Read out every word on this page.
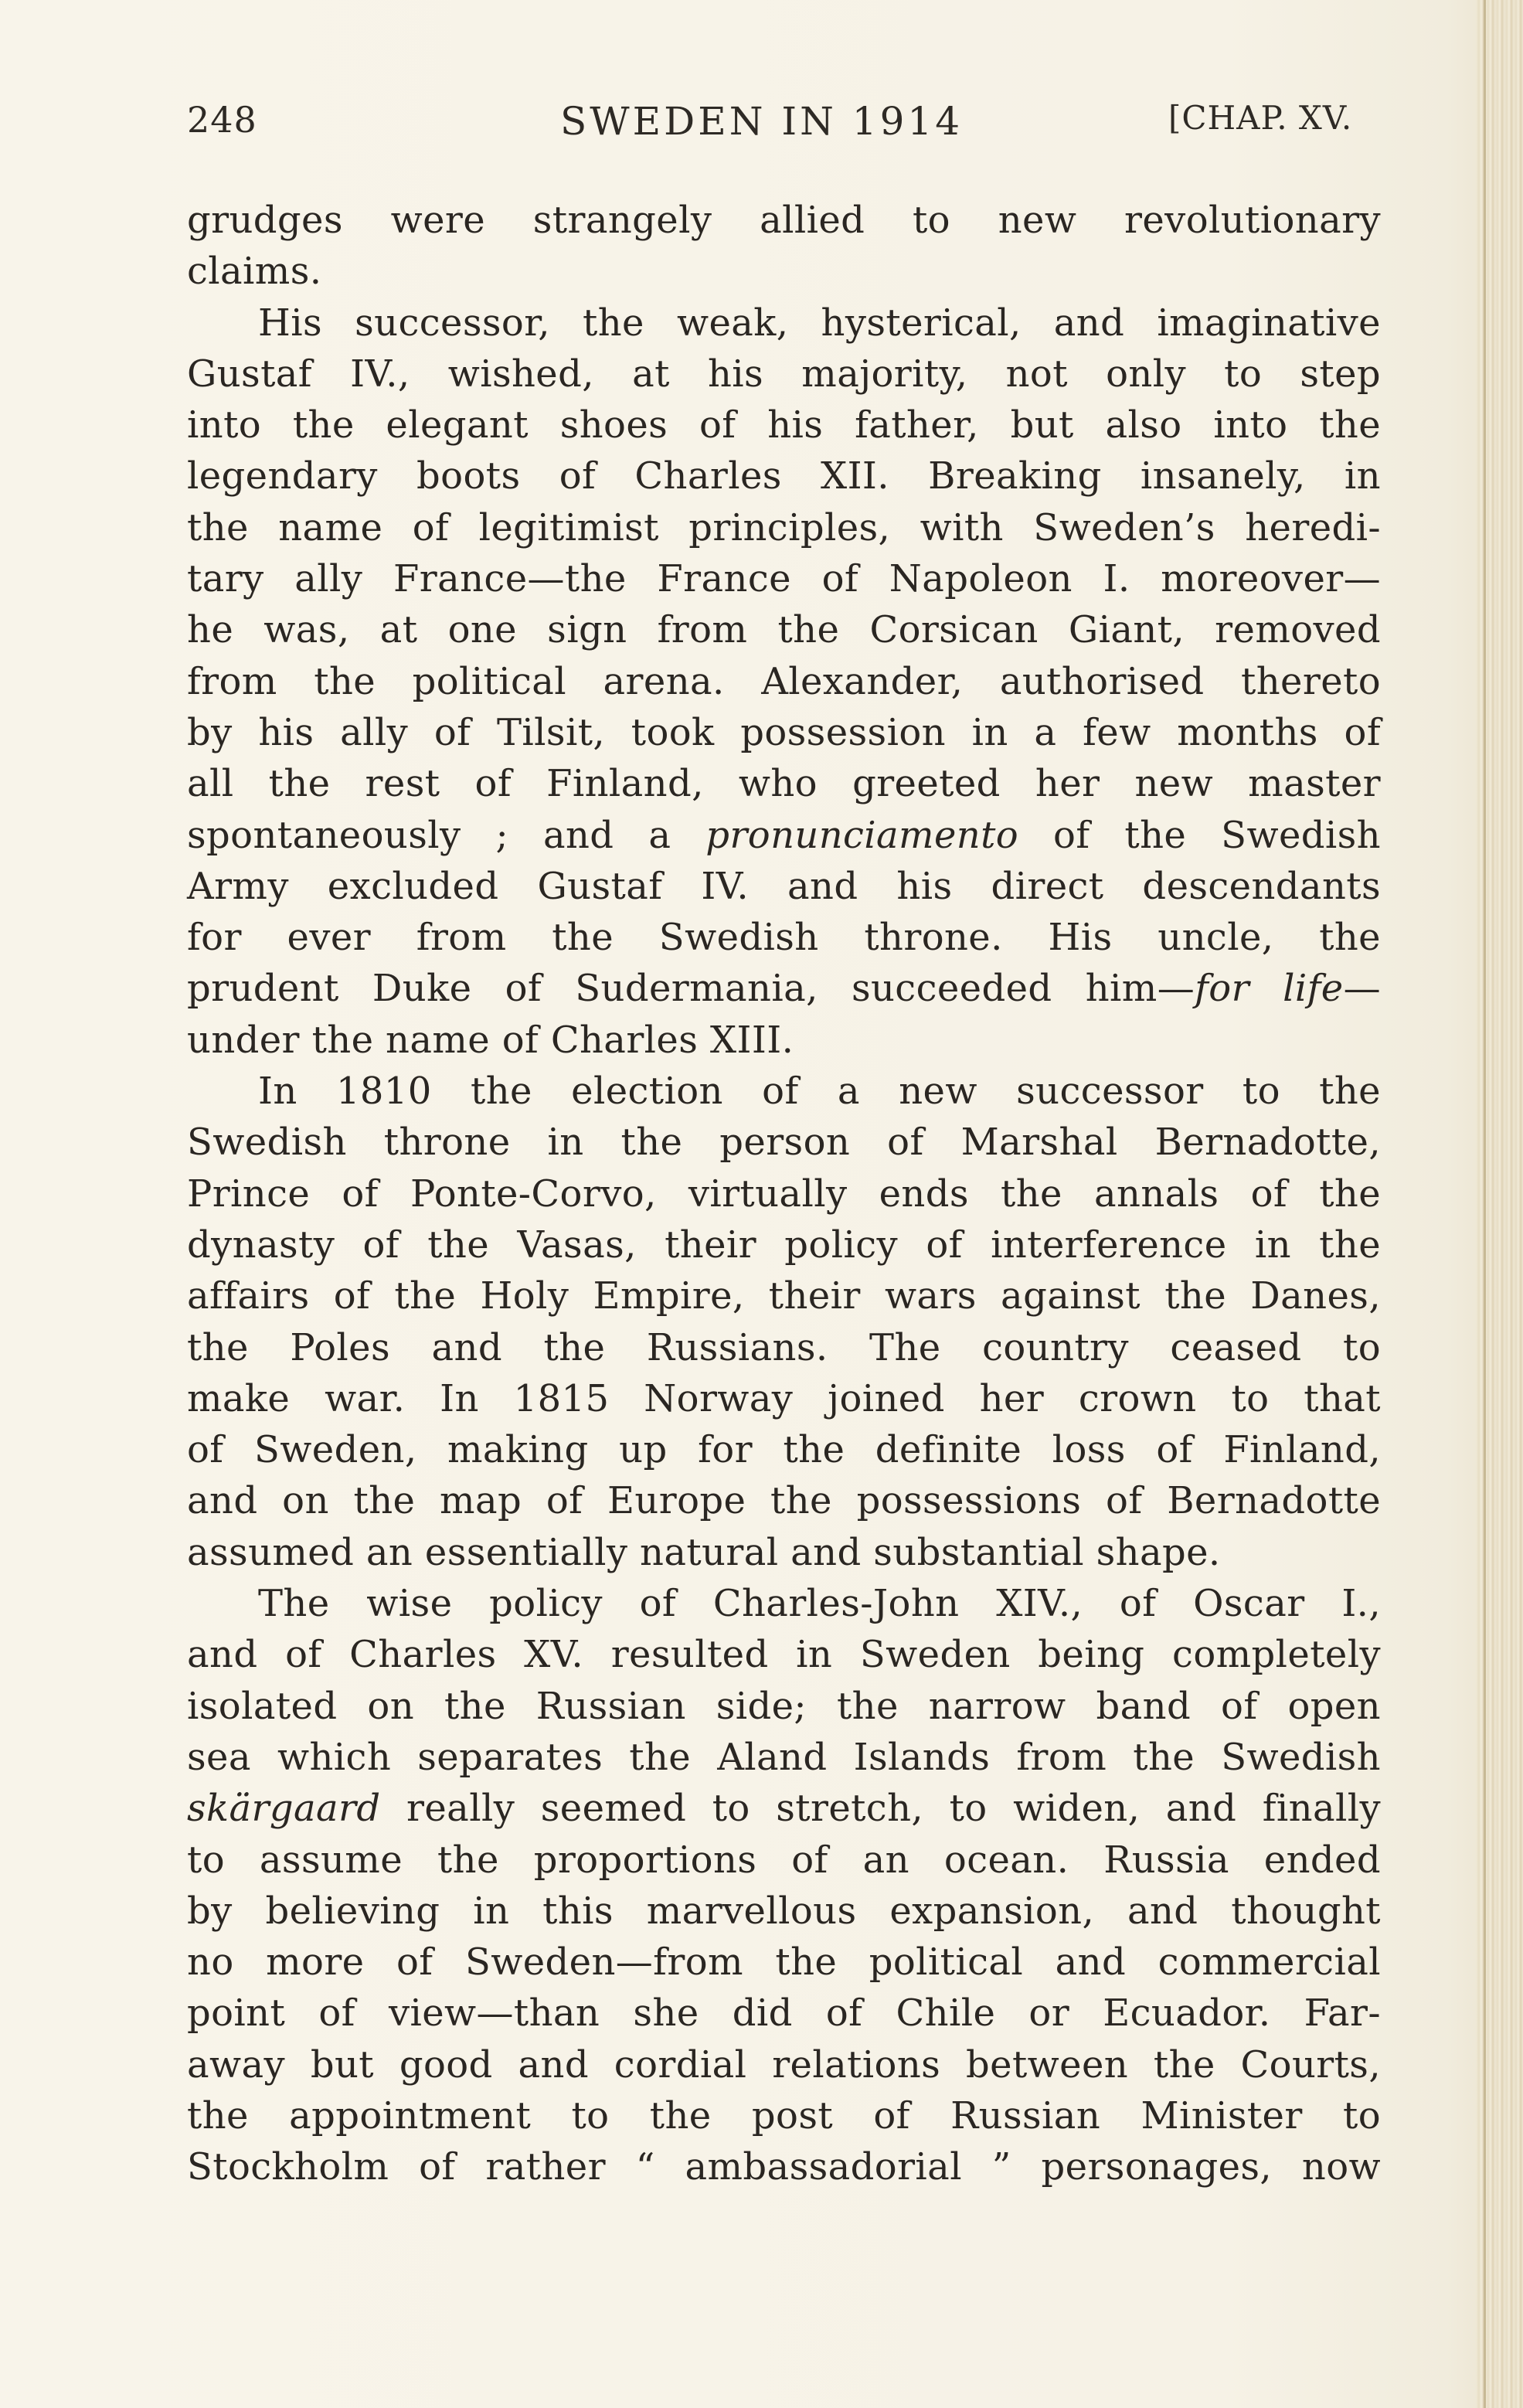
248	SWEDEN IN 1914	[CHAP. XV.
grudges were strangely allied to new revolutionary
claims.
His successor, the weak, hysterical, and imaginative
Gustaf IV., wished, at his majority, not only to step
into the elegant shoes of his father, but also into the
legendary boots of Charles XII. Breaking insanely, in
the name of legitimist principles, with Sweden’s heredi-
tary ally France—the France of Napoleon I. moreover—
he was, at one sign from the Corsican Giant, removed
from the political arena. Alexander, authorised thereto
by his ally of Tilsit, took possession in a few months of
all the rest of Finland, who greeted her new master
spontaneously ; and a pronunciamento of the Swedish
Army excluded Gustaf IV. and his direct descendants
for ever from the Swedish throne. His uncle, the
prudent Duke of Sudermania, succeeded him—for life—
under the name of Charles XIII.
In 1810 the election of a new successor to the
Swedish throne in the person of Marshal Bernadotte,
Prince of Ponte-Corvo, virtually ends the annals of the
dynasty of the Vasas, their policy of interference in the
affairs of the Holy Empire, their wars against the Danes,
the Poles and the Russians. The country ceased to
make war. In 1815 Norway joined her crown to that
of Sweden, making up for the definite loss of Finland,
and on the map of Europe the possessions of Bernadotte
assumed an essentially natural and substantial shape.
The wise policy of Charles-John XIV., of Oscar I.,
and of Charles XV. resulted in Sweden being completely
isolated on the Russian side; the narrow band of open
sea which separates the Aland Islands from the Swedish
skärgaard really seemed to stretch, to widen, and finally
to assume the proportions of an ocean. Russia ended
by believing in this marvellous expansion, and thought
no more of Sweden—from the political and commercial
point of view—than she did of Chile or Ecuador. Far-
away but good and cordial relations between the Courts,
the appointment to the post of Russian Minister to
Stockholm of rather “ ambassadorial ” personages, now
